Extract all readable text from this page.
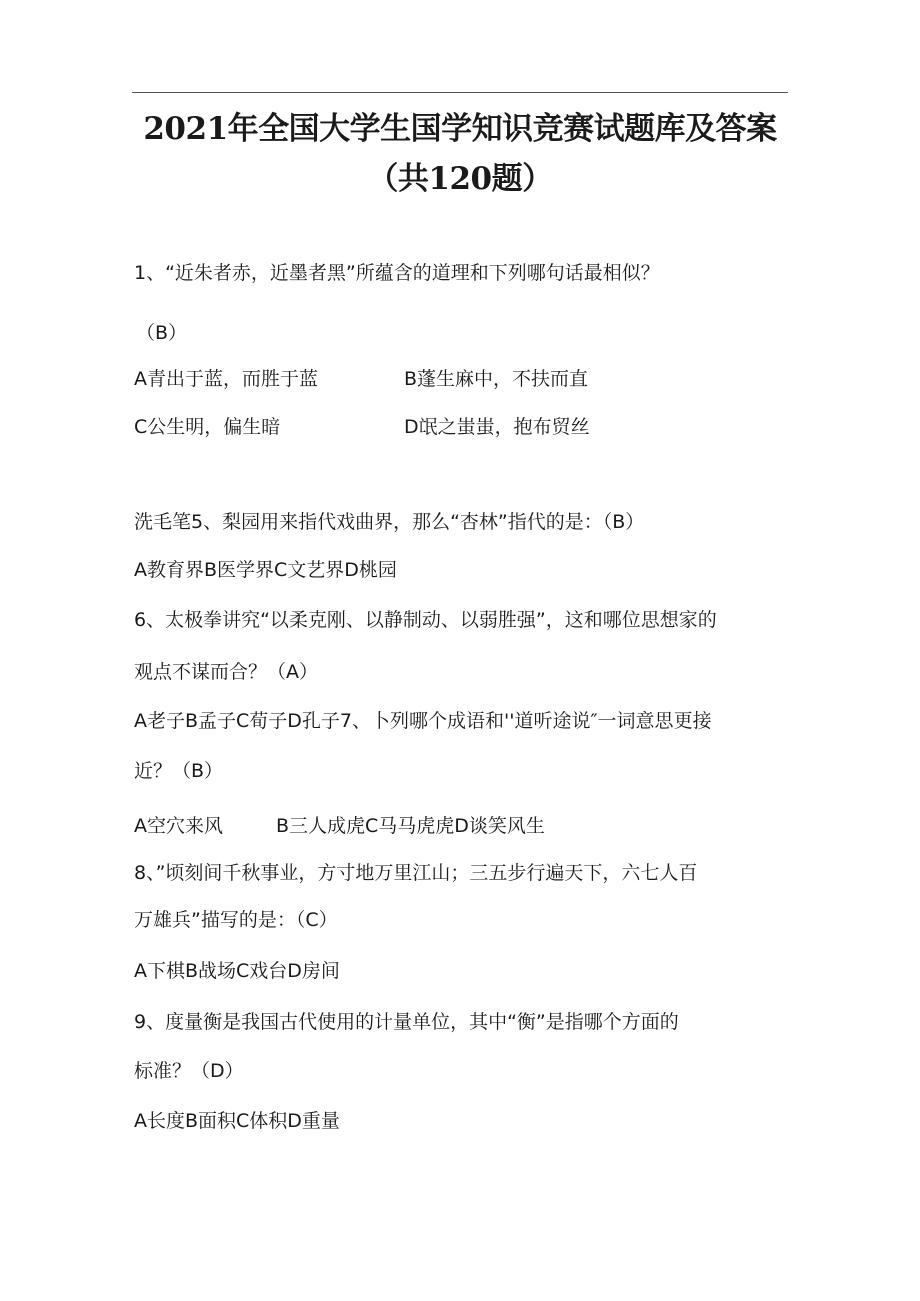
2021年全国大学生国学知识竞赛试题库及答案
（共120题）
1、“近朱者赤，近墨者黑”所蕴含的道理和下列哪句话最相似？
（B）
A青出于蓝，而胜于蓝	B蓬生麻中，不扶而直
C公生明，偏生暗	D氓之蚩蚩，抱布贸丝
洗毛笔5、梨园用来指代戏曲界，那么“杏林”指代的是：（B）
A教育界B医学界C文艺界D桃园
6、太极拳讲究“以柔克刚、以静制动、以弱胜强”，这和哪位思想家的
观点不谋而合？（A）
A老子B孟子C荀子D孔子7、卜列哪个成语和''道听途说″一词意思更接
近？（B）
A空穴来风	B三人成虎C马马虎虎D谈笑风生
8、”顷刻间千秋事业，方寸地万里江山；三五步行遍天下，六七人百
万雄兵”描写的是：（C）
A下棋B战场C戏台D房间
9、度量衡是我国古代使用的计量单位，其中“衡”是指哪个方面的
标准？（D）
A长度B面积C体积D重量
